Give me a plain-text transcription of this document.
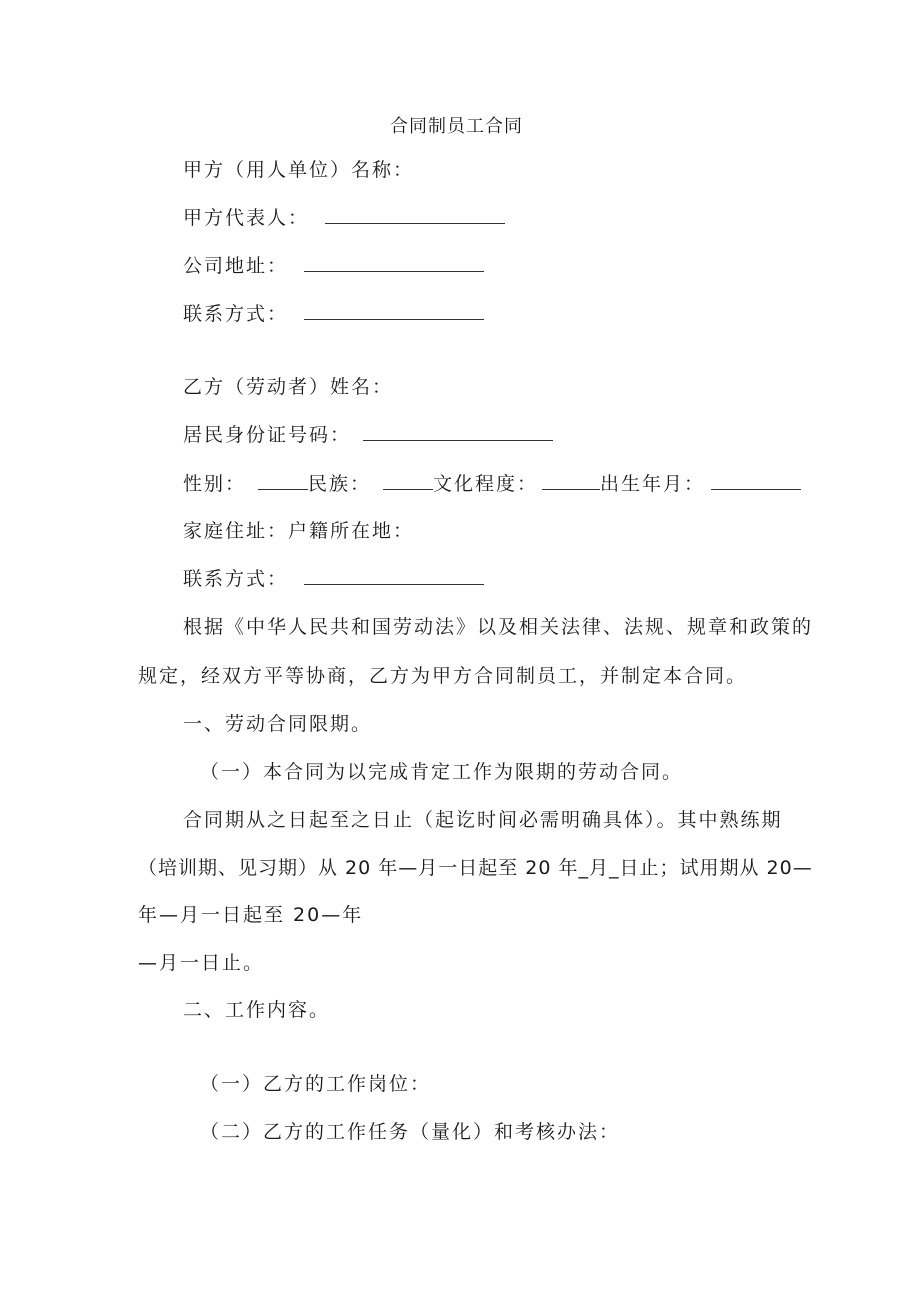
合同制员工合同
甲方（用人单位）名称：
甲方代表人：
公司地址：
联系方式：
乙方（劳动者）姓名：
居民身份证号码：
性别：	民族：	文化程度：	出生年月：
家庭住址：户籍所在地：
联系方式：
根据《中华人民共和国劳动法》以及相关法律、法规、规章和政策的
规定，经双方平等协商，乙方为甲方合同制员工，并制定本合同。
一、劳动合同限期。
（一）本合同为以完成肯定工作为限期的劳动合同。
合同期从之日起至之日止（起讫时间必需明确具体）。其中熟练期
（培训期、见习期）从 20 年—月一日起至 20 年_月_日止；试用期从 20—
年—月一日起至 20—年
—月一日止。
二、工作内容。
（一）乙方的工作岗位：
（二）乙方的工作任务（量化）和考核办法：
